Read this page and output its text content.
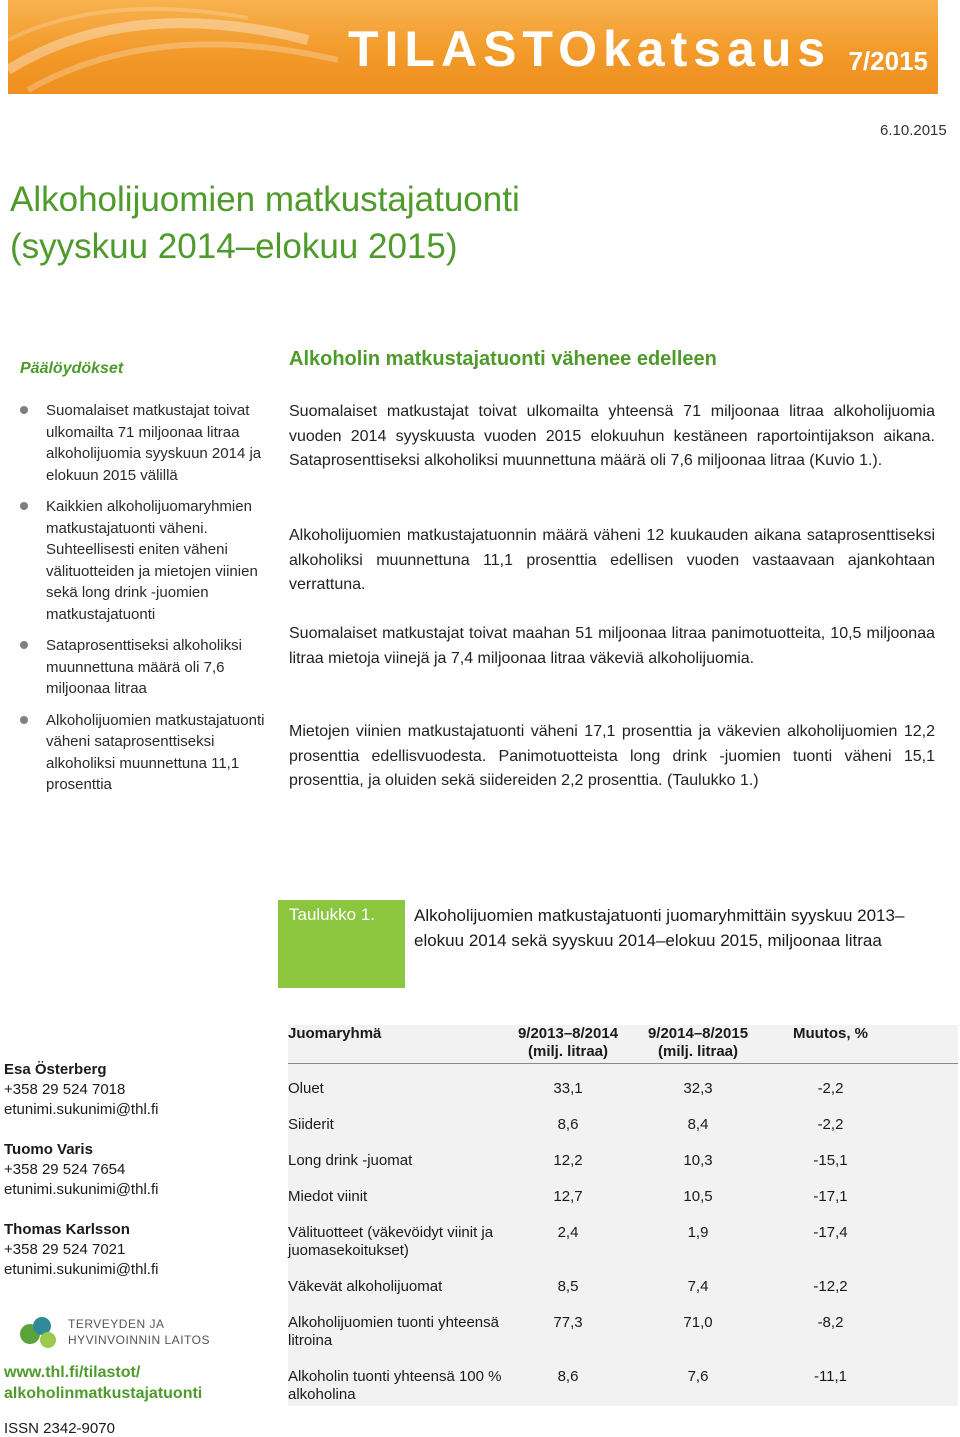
TILASTOkatsaus 7/2015
6.10.2015
Alkoholijuomien matkustajatuonti
(syyskuu 2014–elokuu 2015)
Päälöydökset
Suomalaiset matkustajat toivat ulkomailta 71 miljoonaa litraa alkoholijuomia syyskuun 2014 ja elokuun 2015 välillä
Kaikkien alkoholijuomaryhmien matkustajatuonti väheni. Suhteellisesti eniten väheni välituotteiden ja mietojen viinien sekä long drink -juomien matkustajatuonti
Sataprosenttiseksi alkoholiksi muunnettuna määrä oli 7,6 miljoonaa litraa
Alkoholijuomien matkustajatuonti väheni sataprosenttiseksi alkoholiksi muunnettuna 11,1 prosenttia
Alkoholin matkustajatuonti vähenee edelleen
Suomalaiset matkustajat toivat ulkomailta yhteensä 71 miljoonaa litraa alkoholijuomia vuoden 2014 syyskuusta vuoden 2015 elokuuhun kestäneen raportointijakson aikana. Sataprosenttiseksi alkoholiksi muunnettuna määrä oli 7,6 miljoonaa litraa (Kuvio 1.).
Alkoholijuomien matkustajatuonnin määrä väheni 12 kuukauden aikana sataprosenttiseksi alkoholiksi muunnettuna 11,1 prosenttia edellisen vuoden vastaavaan ajankohtaan verrattuna.
Suomalaiset matkustajat toivat maahan 51 miljoonaa litraa panimotuotteita, 10,5 miljoonaa litraa mietoja viinejä ja 7,4 miljoonaa litraa väkeviä alkoholijuomia.
Mietojen viinien matkustajatuonti väheni 17,1 prosenttia ja väkevien alkoholijuomien 12,2 prosenttia edellisvuodesta. Panimotuotteista long drink -juomien tuonti väheni 15,1 prosenttia, ja oluiden sekä siidereiden 2,2 prosenttia. (Taulukko 1.)
Taulukko 1. Alkoholijuomien matkustajatuonti juomaryhmittäin syyskuu 2013–elokuu 2014 sekä syyskuu 2014–elokuu 2015, miljoonaa litraa
Juomaryhmä	9/2013–8/2014 (milj. litraa)	9/2014–8/2015 (milj. litraa)	Muutos, %	
Oluet	33,1	32,3	-2,2	
Siiderit	8,6	8,4	-2,2	
Long drink -juomat	12,2	10,3	-15,1	
Miedot viinit	12,7	10,5	-17,1	
Välituotteet (väkevöidyt viinit ja juomasekoitukset)	2,4	1,9	-17,4	
Väkevät alkoholijuomat	8,5	7,4	-12,2	
Alkoholijuomien tuonti yhteensä litroina	77,3	71,0	-8,2	
Alkoholin tuonti yhteensä 100 % alkoholina	8,6	7,6	-11,1	
Esa Österberg
+358 29 524 7018
etunimi.sukunimi@thl.fi
Tuomo Varis
+358 29 524 7654
etunimi.sukunimi@thl.fi
Thomas Karlsson
+358 29 524 7021
etunimi.sukunimi@thl.fi
TERVEYDEN JA
HYVINVOINNIN LAITOS
www.thl.fi/tilastot/
alkoholinmatkustajatuonti
ISSN 2342-9070
